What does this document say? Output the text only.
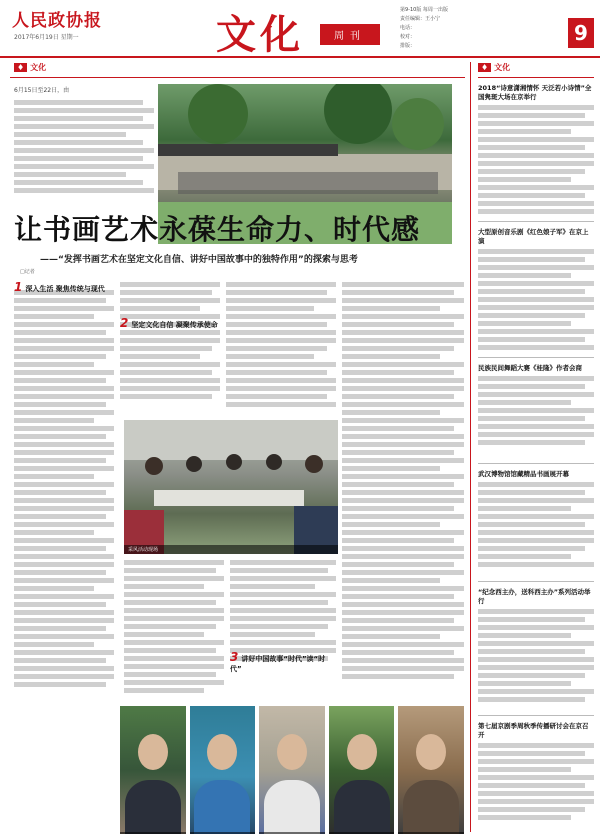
人民政协报
2017年6月19日 星期一	文化	周刊
第9-10版 每周一出版
责任编辑：王小宁
电话：
校对：
排版：
9
♦ 文化
6月15日至22日，由
让书画艺术永葆生命力、时代感
——“发挥书画艺术在坚定文化自信、讲好中国故事中的独特作用”的探索与思考
□记者
1 深入生活 聚焦传统与现代
2 坚定文化自信 凝聚传承使命
采风活动现场
3 讲好中国故事“时代”读“时代”
♦ 文化
2018“诗意潇湘情怀 天泛若小诗情”全国隽斑大场在京举行
大型原创音乐剧《红色娘子军》在京上演
民族民间舞蹈大赛《桂隆》作者会商
武汉博物馆馆藏精品书画展开幕
“纪念西主办，送科西主办”系列活动举行
第七届京剧季周秋季传播研讨会在京召开
